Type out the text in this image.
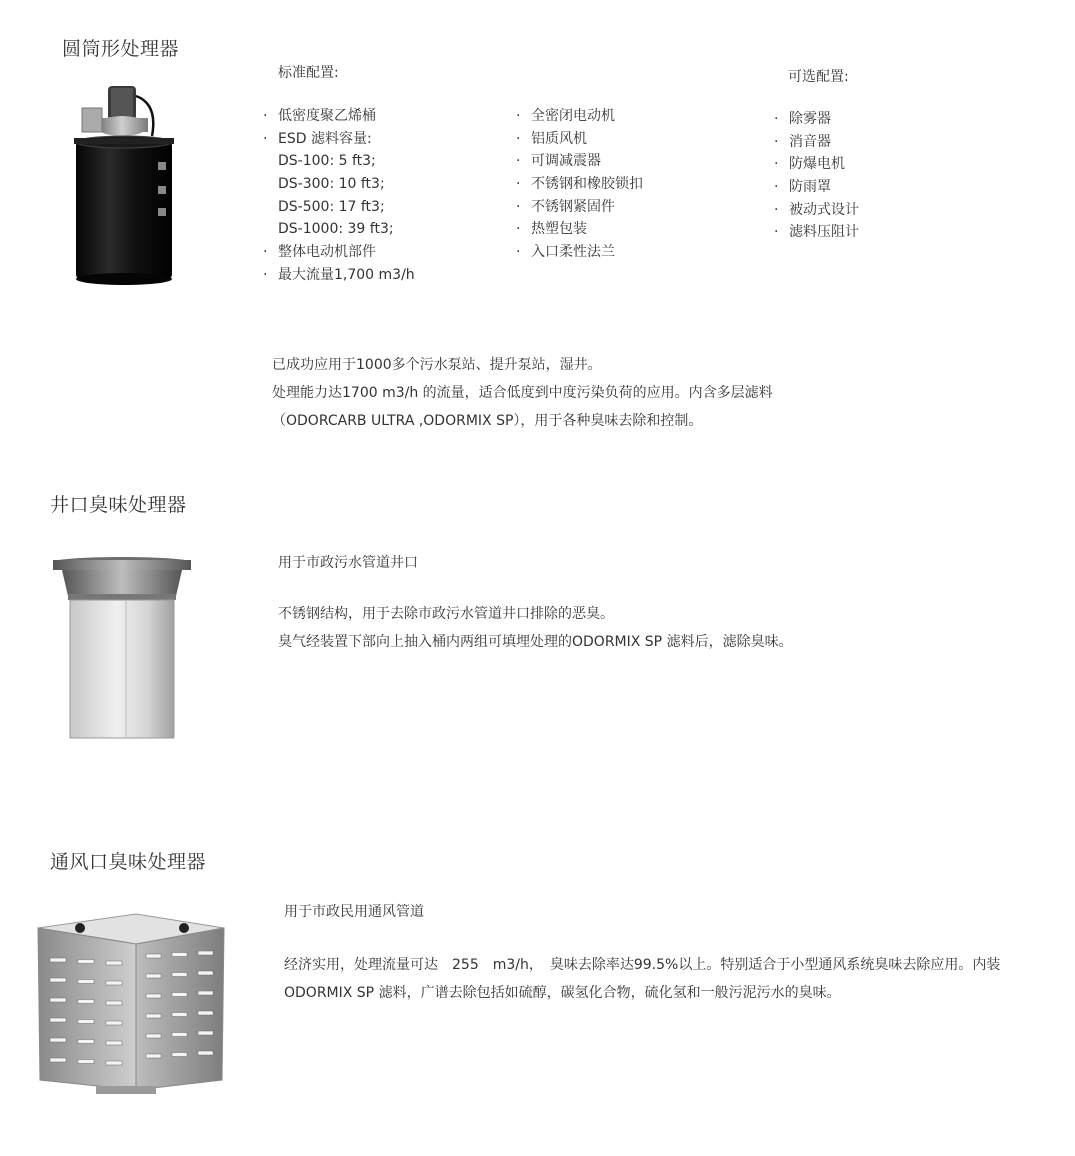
圆筒形处理器
标准配置:	可选配置:
· 低密度聚乙烯桶
· ESD 滤料容量:
DS-100: 5 ft3;
DS-300: 10 ft3;
DS-500: 17 ft3;
DS-1000: 39 ft3;
· 整体电动机部件
· 最大流量1,700 m3/h
· 全密闭电动机
· 铝质风机
· 可调减震器
· 不锈钢和橡胶锁扣
· 不锈钢紧固件
· 热塑包装
· 入口柔性法兰
· 除雾器
· 消音器
· 防爆电机
· 防雨罩
· 被动式设计
· 滤料压阻计
已成功应用于1000多个污水泵站、提升泵站，湿井。
处理能力达1700 m3/h 的流量，适合低度到中度污染负荷的应用。内含多层滤料
（ODORCARB ULTRA ,ODORMIX SP），用于各种臭味去除和控制。
井口臭味处理器
用于市政污水管道井口
不锈钢结构，用于去除市政污水管道井口排除的恶臭。
臭气经装置下部向上抽入桶内两组可填埋处理的ODORMIX SP 滤料后，滤除臭味。
通风口臭味处理器
用于市政民用通风管道
经济实用，处理流量可达　255　m3/h，　臭味去除率达99.5%以上。特别适合于小型通风系统臭味去除应用。内装 ODORMIX SP 滤料，广谱去除包括如硫醇，碳氢化合物，硫化氢和一般污泥污水的臭味。
